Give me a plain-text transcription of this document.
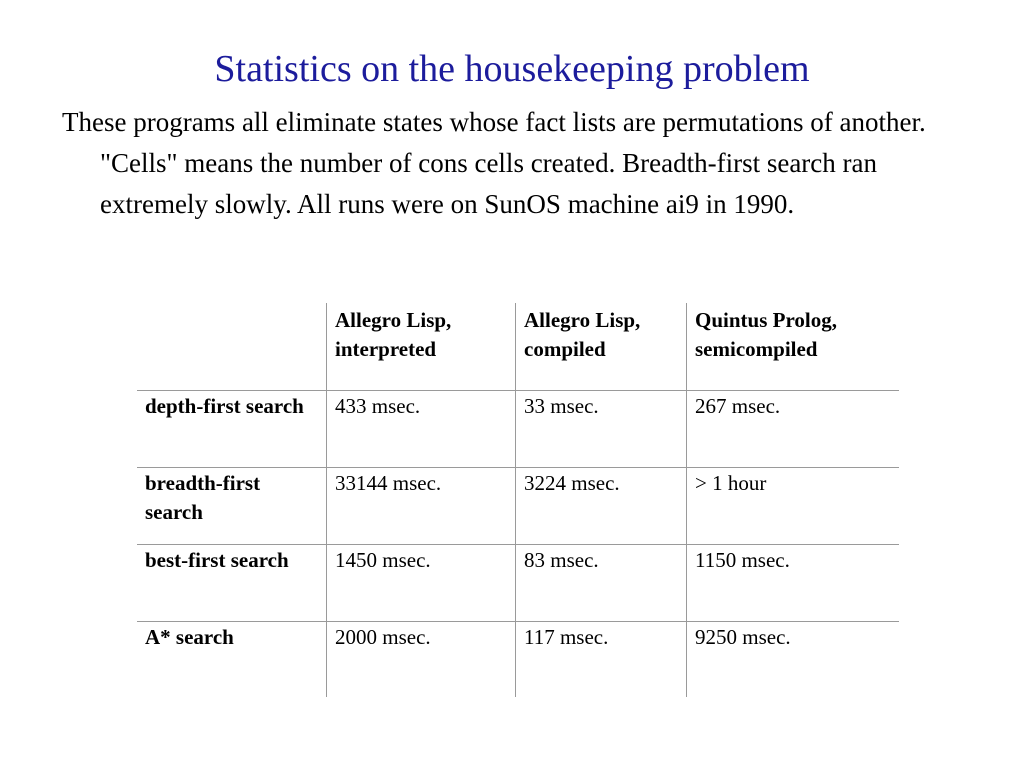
Statistics on the housekeeping problem

These programs all eliminate states whose fact lists are permutations of another. "Cells" means the number of cons cells created. Breadth-first search ran extremely slowly. All runs were on SunOS machine ai9 in 1990.

	Allegro Lisp, interpreted	Allegro Lisp, compiled	Quintus Prolog, semicompiled
depth-first search	433 msec.	33 msec.	267 msec.
breadth-first search	33144 msec.	3224 msec.	> 1 hour
best-first search	1450 msec.	83 msec.	1150 msec.
A* search	2000 msec.	117 msec.	9250 msec.
